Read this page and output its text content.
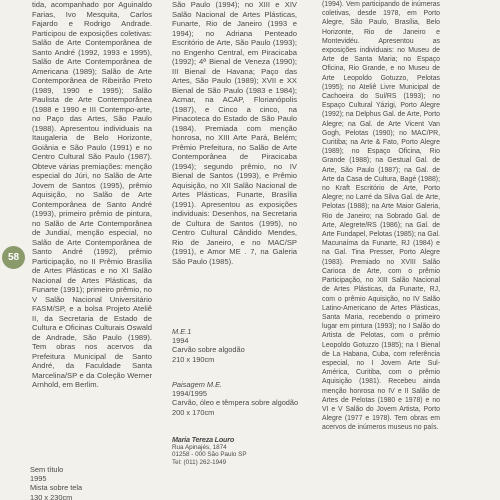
58
tida, acompanhado por Aguinaldo Farias, Ivo Mesquita, Carlos Fajardo e Rodrigo Andrade. Participou de exposições coletivas: Salão de Arte Contemporânea de Santo André (1992, 1993 e 1995), Salão de Arte Contemporânea de Americana (1989); Salão de Arte Contemporânea de Ribeirão Preto (1989, 1990 e 1995); Salão Paulista de Arte Contemporânea (1988 e 1990 e III Contempo-arte, no Paço das Artes, São Paulo (1988). Apresentou individuais na Itaugaleria de Belo Horizonte, Goiânia e São Paulo (1991) e no Centro Cultural São Paulo (1987). Obteve várias premiações: menção especial do Júri, no Salão de Arte Jovem de Santos (1995), prêmio Aquisição, no Salão de Arte Contemporânea de Santo André (1993), primeiro prêmio de pintura, no Salão de Arte Contemporânea de Jundiaí, menção especial, no Salão de Arte Contemporânea de Santo André (1992), prêmio Participação, no II Prêmio Brasília de Artes Plásticas e no XI Salão Nacional de Artes Plásticas, da Funarte (1991); primeiro prêmio, no V Salão Nacional Universitário FASM/SP, e a bolsa Projeto Ateliê II, da Secretaria de Estado de Cultura e Oficinas Culturais Oswald de Andrade, São Paulo (1989). Tem obras nos acervos da Prefeitura Municipal de Santo André, da Faculdade Santa Marcelina/SP e da Coleção Werner Arnhold, em Berlim.
São Paulo (1994); no XIII e XIV Salão Nacional de Artes Plásticas, Funarte, Rio de Janeiro (1993 e 1994); no Adriana Penteado Escritório de Arte, São Paulo (1993); no Engenho Central, em Piracicaba (1992); 4ª Bienal de Veneza (1990); III Bienal de Havana; Paço das Artes, São Paulo (1989); XVII e XX Bienal de São Paulo (1983 e 1984); Acmar, na ACAP, Florianópolis (1987), e Cinco a cinco, na Pinacoteca do Estado de São Paulo (1984). Premiada com menção honrosa, no XIII Arte Pará, Belém; Prêmio Prefeitura, no Salão de Arte Contemporânea de Piracicaba (1994); segundo prêmio, no IV Bienal de Santos (1993), e Prêmio Aquisição, no XII Salão Nacional de Artes Plásticas, Funarte, Brasília (1991). Apresentou as exposições individuais: Desenhos, na Secretaria de Cultura de Santos (1995), no Centro Cultural Cândido Mendes, Rio de Janeiro, e no MAC/SP (1991), e Amor ME . 7, na Galeria São Paulo (1985).
(1994). Vem participando de inúmeras coletivas, desde 1978, em Porto Alegre, São Paulo, Brasília, Belo Horizonte, Rio de Janeiro e Montevidéu. Apresentou as exposições individuais: no Museu de Arte de Santa Maria; no Espaço Oficina, Rio Grande, e no Museu de Arte Leopoldo Gotuzzo, Pelotas (1995); no Ateliê Livre Municipal de Cachoeira do Sul/RS (1993); no Espaço Cultural Yázigi, Porto Alegre (1992); na Delphus Gal. de Arte, Porto Alegre; na Gal. de Arte Vicent Van Gogh, Pelotas (1990); no MAC/PR, Curitiba; na Arte & Fato, Porto Alegre (1989); no Espaço Oficina, Rio Grande (1988); na Gestual Gal. de Arte, São Paulo (1987); na Gal. de Arte da Casa de Cultura, Bagé (1988); no Kraft Escritório de Arte, Porto Alegre; no Larré da Silva Gal. de Arte, Pelotas (1988); na Arte Maior Galeria, Rio de Janeiro; na Sobrado Gal. de Arte, Alegrete/RS (1986); na Gal. de Arte Fundapel, Pelotas (1985); na Gal. Macunaíma da Funarte, RJ (1984) e na Gal. Tina Presser, Porto Alegre (1983). Premiado no XVIII Salão Carioca de Arte, com o prêmio Participação, no XIII Salão Nacional de Artes Plásticas, da Funarte, RJ, com o prêmio Aquisição, no IV Salão Latino-Americano de Artes Plásticas, Santa Maria, recebendo o primeiro lugar em pintura (1993); no I Salão do Artista de Pelotas, com o prêmio Leopoldo Gotuzzo (1985); na I Bienal de La Habana, Cuba, com referência especial, no I Jovem Arte Sul-América, Curitiba, com o prêmio Aquisição (1981). Recebeu ainda menção honrosa no IV e II Salão de Artes de Pelotas (1980 e 1978) e no VI e V Salão do Jovem Artista, Porto Alegre (1977 e 1978). Tem obras em acervos de inúmeros museus no país.
Sem título
1995
Mista sobre tela
130 x 230cm
M.E.1
1994
Carvão sobre algodão
210 x 190cm
Paisagem M.E.
1994/1995
Carvão, óleo e têmpera sobre algodão
200 x 170cm
Maria Tereza Louro
Rua Apinajés, 1874
01258 - 000 São Paulo SP
Tel: (011) 262-1949
